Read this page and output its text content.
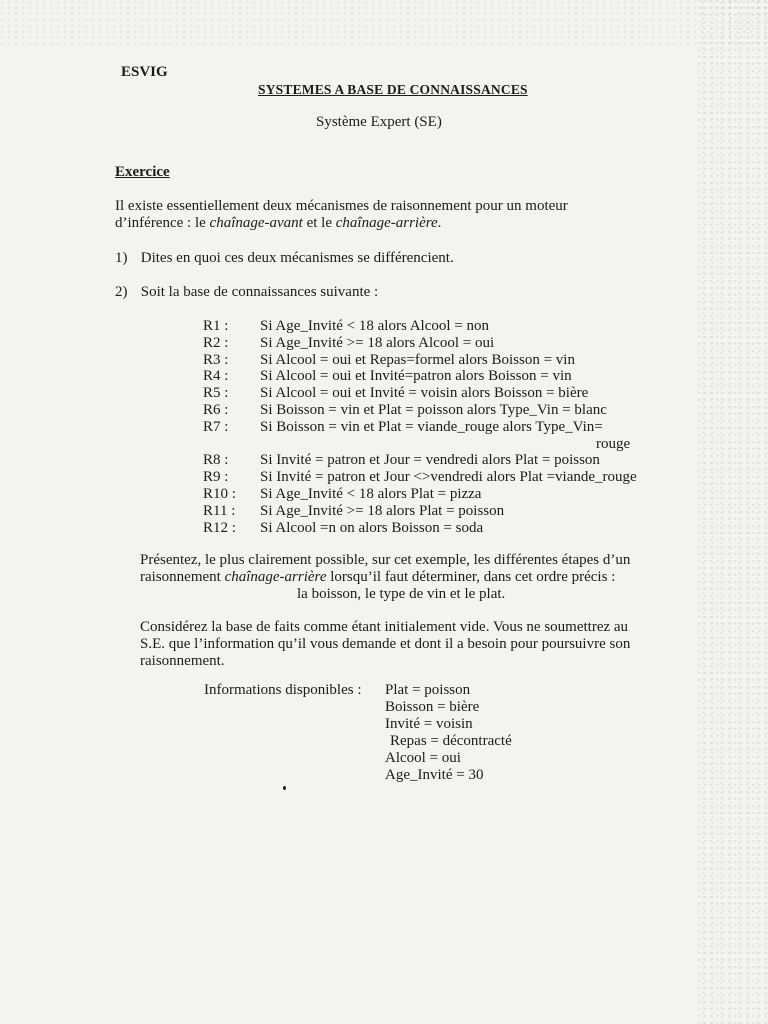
ESVIG
SYSTEMES A BASE DE CONNAISSANCES
Système Expert (SE)
Exercice
Il existe essentiellement deux mécanismes de raisonnement pour un moteur d’inférence : le chaînage-avant et le chaînage-arrière.
1) Dites en quoi ces deux mécanismes se différencient.
2) Soit la base de connaissances suivante :
R1 :	Si Age_Invité < 18 alors Alcool = non
R2 :	Si Age_Invité >= 18 alors Alcool = oui
R3 :	Si Alcool = oui et Repas=formel alors Boisson = vin
R4 :	Si Alcool = oui et Invité=patron alors Boisson = vin
R5 :	Si Alcool = oui et Invité = voisin alors Boisson = bière
R6 :	Si Boisson = vin et Plat = poisson alors Type_Vin = blanc
R7 :	Si Boisson = vin et Plat = viande_rouge alors Type_Vin=
rouge
R8 :	Si Invité = patron et Jour = vendredi alors Plat = poisson
R9 :	Si Invité = patron et Jour <>vendredi alors Plat =viande_rouge
R10 :	Si Age_Invité < 18 alors Plat = pizza
R11 :	Si Age_Invité >= 18 alors Plat = poisson
R12 :	Si Alcool =n on alors Boisson = soda
Présentez, le plus clairement possible, sur cet exemple, les différentes étapes d’un raisonnement chaînage-arrière lorsqu’il faut déterminer, dans cet ordre précis :
la boisson, le type de vin et le plat.
Considérez la base de faits comme étant initialement vide. Vous ne soumettrez au S.E. que l’information qu’il vous demande et dont il a besoin pour poursuivre son raisonnement.
Informations disponibles : Plat = poisson
Boisson = bière
Invité = voisin
Repas = décontracté
Alcool = oui
Age_Invité = 30
